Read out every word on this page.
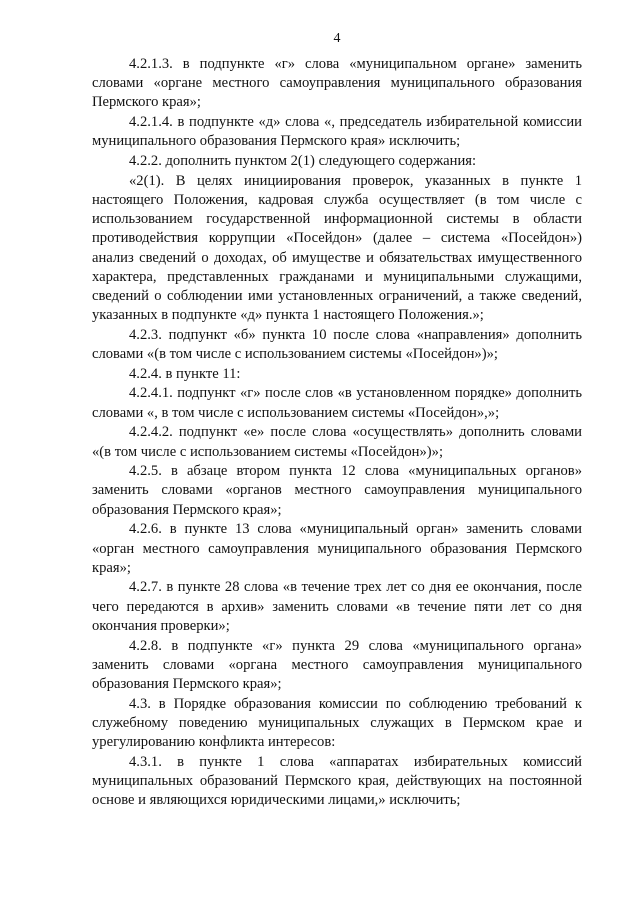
4

4.2.1.3. в подпункте «г» слова «муниципальном органе» заменить словами «органе местного самоуправления муниципального образования Пермского края»;

4.2.1.4. в подпункте «д» слова «, председатель избирательной комиссии муниципального образования Пермского края» исключить;

4.2.2. дополнить пунктом 2(1) следующего содержания:

«2(1). В целях инициирования проверок, указанных в пункте 1 настоящего Положения, кадровая служба осуществляет (в том числе с использованием государственной информационной системы в области противодействия коррупции «Посейдон» (далее – система «Посейдон») анализ сведений о доходах, об имуществе и обязательствах имущественного характера, представленных гражданами и муниципальными служащими, сведений о соблюдении ими установленных ограничений, а также сведений, указанных в подпункте «д» пункта 1 настоящего Положения.»;

4.2.3. подпункт «б» пункта 10 после слова «направления» дополнить словами «(в том числе с использованием системы «Посейдон»)»;

4.2.4. в пункте 11:

4.2.4.1. подпункт «г» после слов «в установленном порядке» дополнить словами «, в том числе с использованием системы «Посейдон»,»;

4.2.4.2. подпункт «е» после слова «осуществлять» дополнить словами «(в том числе с использованием системы «Посейдон»)»;

4.2.5. в абзаце втором пункта 12 слова «муниципальных органов» заменить словами «органов местного самоуправления муниципального образования Пермского края»;

4.2.6. в пункте 13 слова «муниципальный орган» заменить словами «орган местного самоуправления муниципального образования Пермского края»;

4.2.7. в пункте 28 слова «в течение трех лет со дня ее окончания, после чего передаются в архив» заменить словами «в течение пяти лет со дня окончания проверки»;

4.2.8. в подпункте «г» пункта 29 слова «муниципального органа» заменить словами «органа местного самоуправления муниципального образования Пермского края»;

4.3. в Порядке образования комиссии по соблюдению требований к служебному поведению муниципальных служащих в Пермском крае и урегулированию конфликта интересов:

4.3.1. в пункте 1 слова «аппаратах избирательных комиссий муниципальных образований Пермского края, действующих на постоянной основе и являющихся юридическими лицами,» исключить;
